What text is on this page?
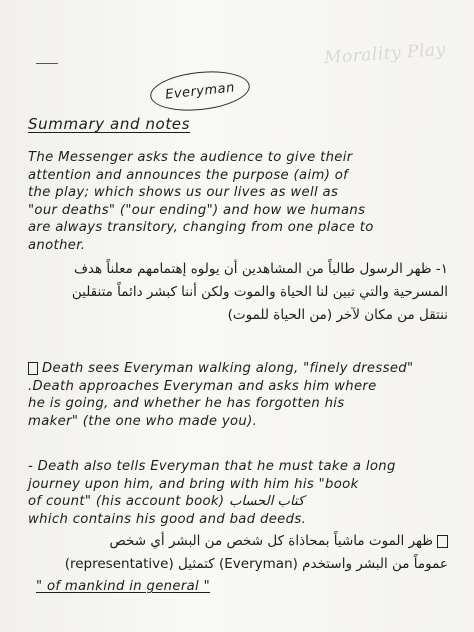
Morality Play
Everyman
Summary and notes
The Messenger asks the audience to give their
attention and announces the purpose (aim) of
the play; which shows us our lives as well as
"our deaths" ("our ending") and how we humans
are always transitory, changing from one place to
another.
١- ظهر الرسول طالباً من المشاهدين أن يولوه إهتمامهم معلناً هدف
المسرحية والتي تبين لنا الحياة والموت ولكن أننا كبشر دائماً متنقلين
ننتقل من مكان لآخر (من الحياة للموت)
Death sees Everyman walking along, "finely dressed"
.Death approaches Everyman and asks him where
he is going, and whether he has forgotten his
maker" (the one who made you).
- Death also tells Everyman that he must take a long
journey upon him, and bring with him his "book
of count" (his account book) كتاب الحساب
which contains his good and bad deeds.
ظهر الموت ماشياً بمحاذاة كل شخص من البشر أي شخص
عموماً من البشر واستخدم (Everyman) كتمثيل (representative)
" of mankind in general "
